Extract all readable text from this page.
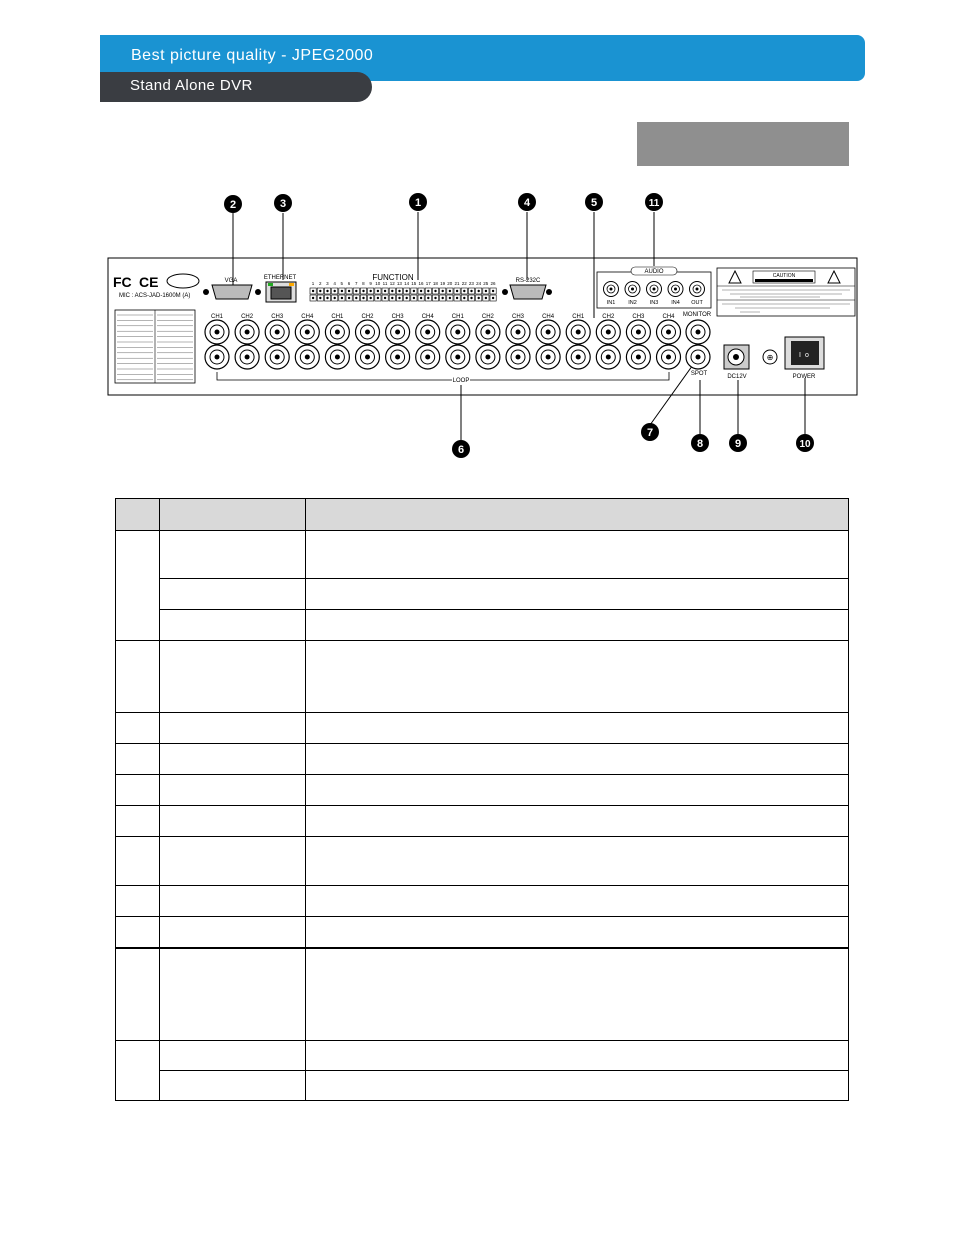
Best picture quality - JPEG2000
Stand Alone DVR
2	3	1	4	5	11
6
7
8	9	10
FC CE
MIC : ACS-JAD-1600M (A)
VGA	ETHERNET	FUNCTION
1 2 3 4 5 6 7 8 9 10 11 12 13 14 15 16 17 18 19 20 21 22 23 24 25 26	RS-232C
AUDIO
IN1 IN2 IN3 IN4 OUT
CAUTION
CH1	CH2	CH3	CH4	CH1	CH2	CH3	CH4	CH1	CH2	CH3	CH4	CH1	CH2	CH3	CH4 MONITOR
SPOT
LOOP
DC12V
⊕	I o
POWER
